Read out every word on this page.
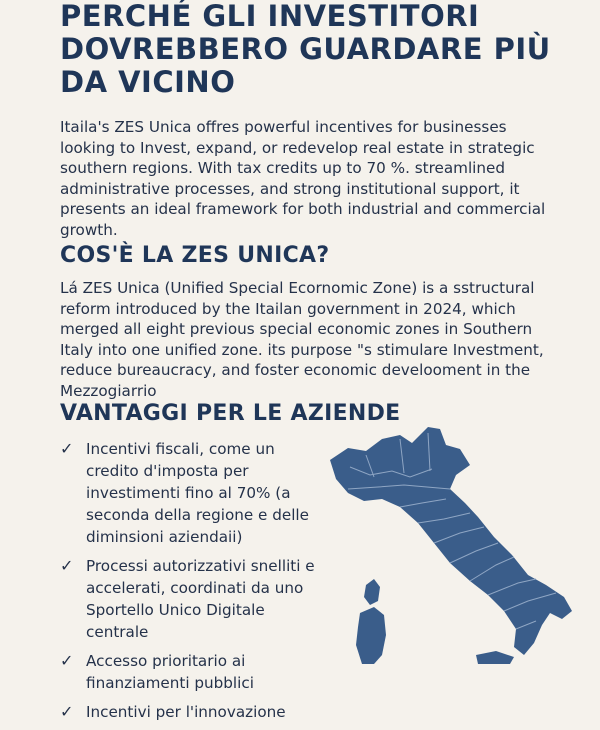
PERCHÉ GLI INVESTITORI DOVREBBERO GUARDARE PIÙ DA VICINO

Itaila's ZES Unica offres powerful incentives for businesses looking to Invest, expand, or redevelop real estate in strategic southern regions. With tax credits up to 70 %. streamlined administrative processes, and strong institutional support, it presents an ideal framework for both industrial and commercial growth.

COS'È LA ZES UNICA?

Lá ZES Unica (Unified Special Ecornomic Zone) is a sstructural reform introduced by the Itailan government in 2024, which merged all eight previous special economic zones in Southern Italy into one unified zone. its purpose "s stimulare Investment, reduce bureaucracy, and foster economic develooment in the Mezzogiarrio

VANTAGGI PER LE AZIENDE
✓ Incentivi fiscali, come un credito d'imposta per investimenti fino al 70% (a seconda della regione e delle diminsioni aziendaii)
✓ Processi autorizzativi snelliti e accelerati, coordinati da uno Sportello Unico Digitale centrale
✓ Accesso prioritario ai finanziamenti pubblici
✓ Incentivi per l'innovazione
